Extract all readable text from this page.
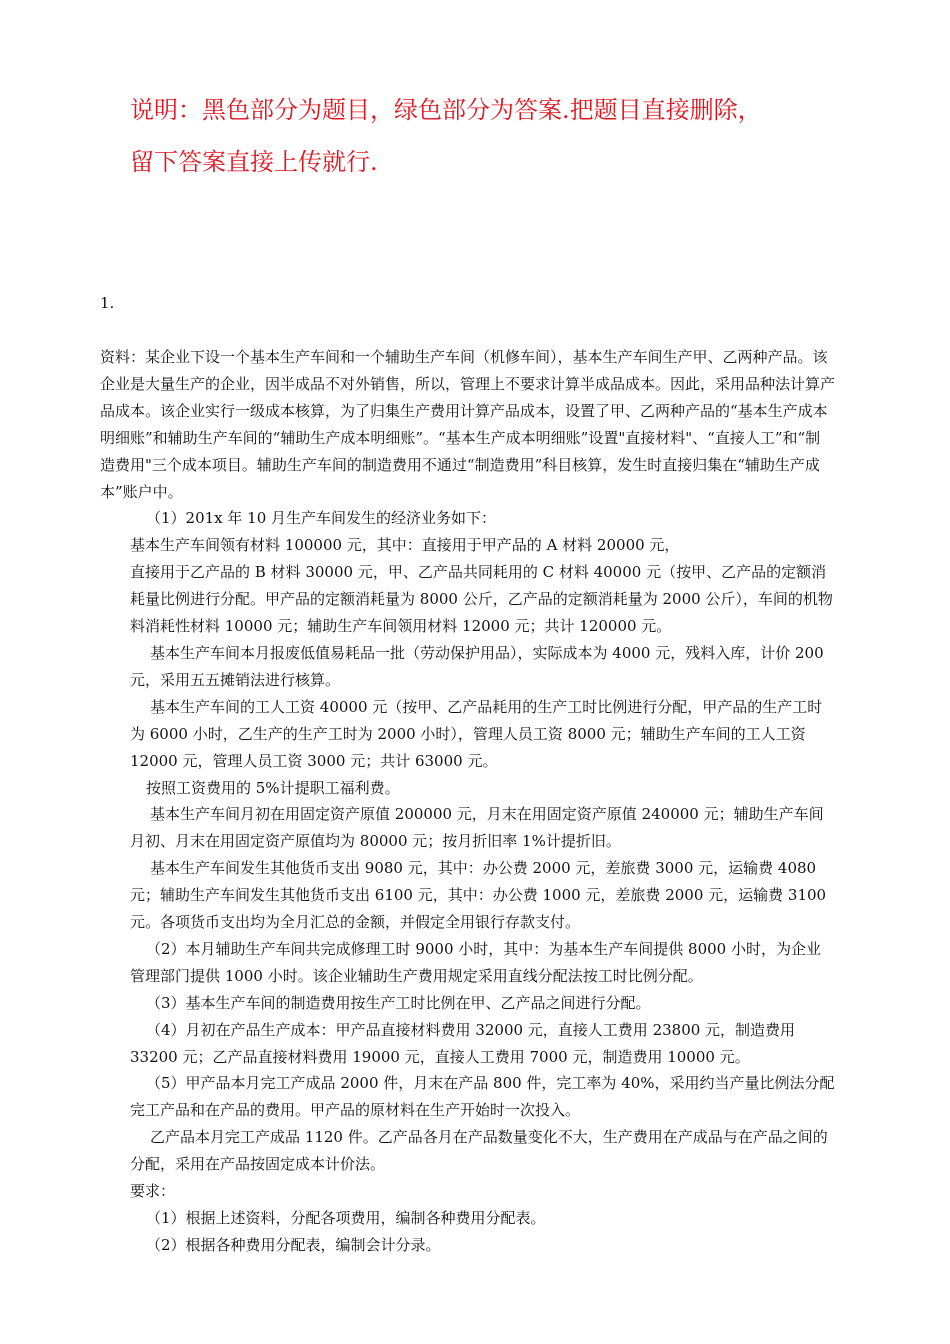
说明：黑色部分为题目，绿色部分为答案.把题目直接删除，

留下答案直接上传就行.

1.

资料：某企业下设一个基本生产车间和一个辅助生产车间（机修车间），基本生产车间生产甲、乙两种产品。该企业是大量生产的企业，因半成品不对外销售，所以，管理上不要求计算半成品成本。因此，采用品种法计算产品成本。该企业实行一级成本核算，为了归集生产费用计算产品成本，设置了甲、乙两种产品的“基本生产成本明细账”和辅助生产车间的“辅助生产成本明细账”。“基本生产成本明细账”设置"直接材料"、“直接人工”和“制造费用"三个成本项目。辅助生产车间的制造费用不通过“制造费用”科目核算，发生时直接归集在“辅助生产成本”账户中。

（1）201x 年 10 月生产车间发生的经济业务如下：

基本生产车间领有材料 100000 元，其中：直接用于甲产品的 A 材料 20000 元，

直接用于乙产品的 B 材料 30000 元，甲、乙产品共同耗用的 C 材料 40000 元（按甲、乙产品的定额消耗量比例进行分配。甲产品的定额消耗量为 8000 公斤，乙产品的定额消耗量为 2000 公斤），车间的机物料消耗性材料 10000 元；辅助生产车间领用材料 12000 元；共计 120000 元。

基本生产车间本月报废低值易耗品一批（劳动保护用品），实际成本为 4000 元，残料入库，计价 200 元，采用五五摊销法进行核算。

基本生产车间的工人工资 40000 元（按甲、乙产品耗用的生产工时比例进行分配，甲产品的生产工时为 6000 小时，乙生产的生产工时为 2000 小时），管理人员工资 8000 元；辅助生产车间的工人工资 12000 元，管理人员工资 3000 元；共计 63000 元。

按照工资费用的 5%计提职工福利费。

基本生产车间月初在用固定资产原值 200000 元，月末在用固定资产原值 240000 元；辅助生产车间月初、月末在用固定资产原值均为 80000 元；按月折旧率 1%计提折旧。

基本生产车间发生其他货币支出 9080 元，其中：办公费 2000 元，差旅费 3000 元，运输费 4080 元；辅助生产车间发生其他货币支出 6100 元，其中：办公费 1000 元，差旅费 2000 元，运输费 3100 元。各项货币支出均为全月汇总的金额，并假定全用银行存款支付。

（2）本月辅助生产车间共完成修理工时 9000 小时，其中：为基本生产车间提供 8000 小时，为企业管理部门提供 1000 小时。该企业辅助生产费用规定采用直线分配法按工时比例分配。

（3）基本生产车间的制造费用按生产工时比例在甲、乙产品之间进行分配。

（4）月初在产品生产成本：甲产品直接材料费用 32000 元，直接人工费用 23800 元，制造费用 33200 元；乙产品直接材料费用 19000 元，直接人工费用 7000 元，制造费用 10000 元。

（5）甲产品本月完工产成品 2000 件，月末在产品 800 件，完工率为 40%，采用约当产量比例法分配完工产品和在产品的费用。甲产品的原材料在生产开始时一次投入。

乙产品本月完工产成品 1120 件。乙产品各月在产品数量变化不大，生产费用在产成品与在产品之间的分配，采用在产品按固定成本计价法。

要求：

（1）根据上述资料，分配各项费用，编制各种费用分配表。

（2）根据各种费用分配表，编制会计分录。
